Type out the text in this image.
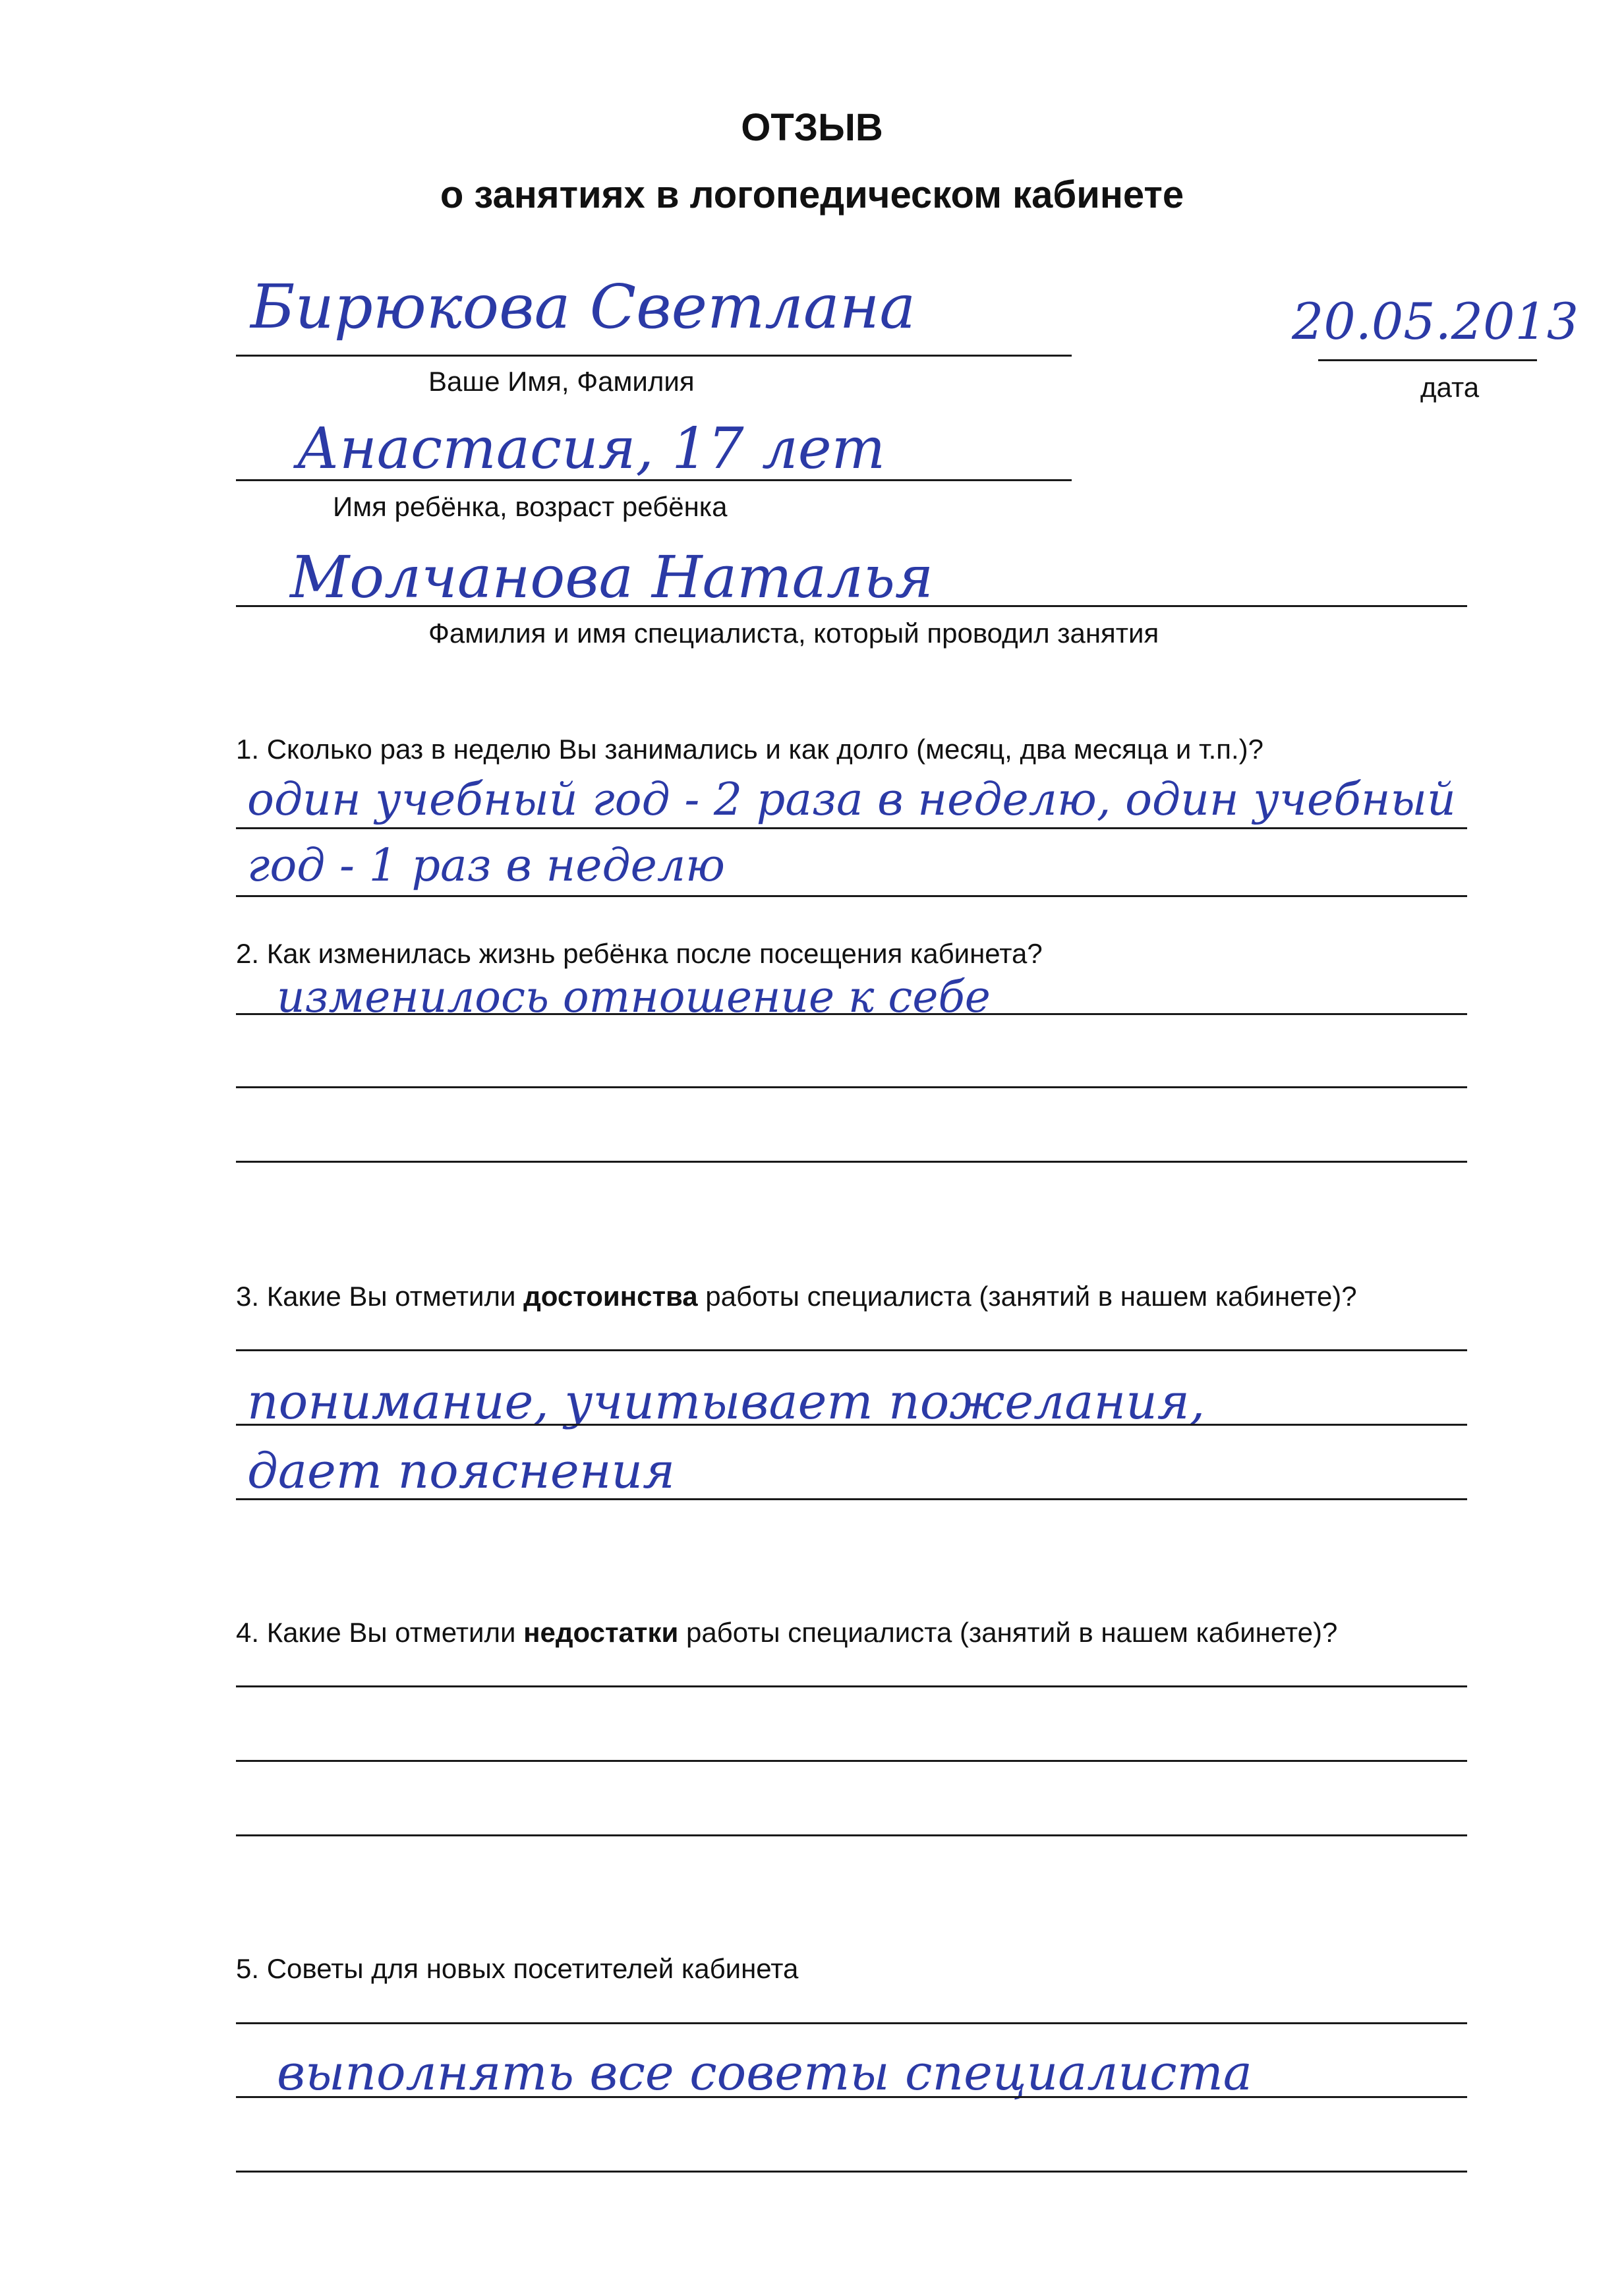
ОТЗЫВ
о занятиях в логопедическом кабинете
Бирюкова Светлана
Ваше Имя, Фамилия
20.05.2013
дата
Анастасия, 17 лет
Имя ребёнка, возраст ребёнка
Молчанова Наталья
Фамилия и имя специалиста, который проводил занятия
1. Сколько раз в неделю Вы занимались и как долго (месяц, два месяца и т.п.)?
один учебный год - 2 раза в неделю, один учебный
год - 1 раз в неделю
2. Как изменилась жизнь ребёнка после посещения кабинета?
изменилось отношение к себе
3. Какие Вы отметили достоинства работы специалиста (занятий в нашем кабинете)?
понимание, учитывает пожелания,
дает пояснения
4. Какие Вы отметили недостатки работы специалиста (занятий в нашем кабинете)?
5. Советы для новых посетителей кабинета
выполнять все советы специалиста
